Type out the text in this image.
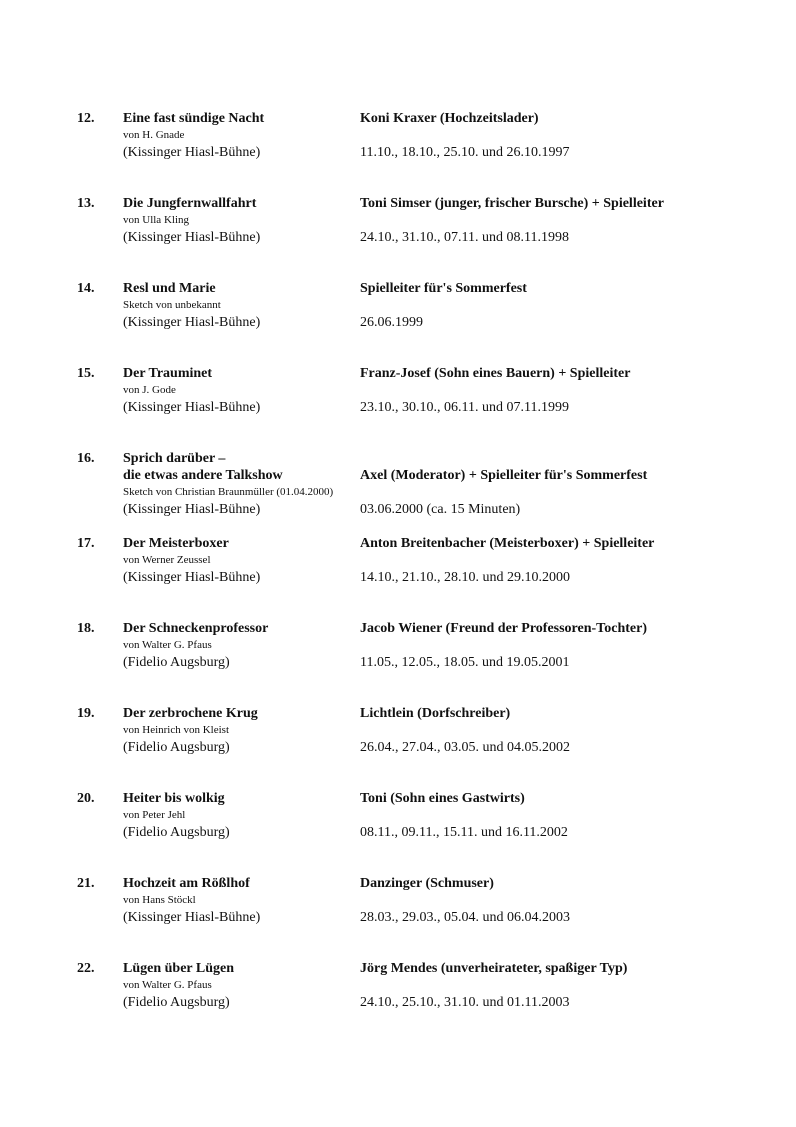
12. Eine fast sündige Nacht
von H. Gnade
(Kissinger Hiasl-Bühne)
Koni Kraxer (Hochzeitslader)
11.10., 18.10., 25.10. und 26.10.1997
13. Die Jungfernwallfahrt
von Ulla Kling
(Kissinger Hiasl-Bühne)
Toni Simser (junger, frischer Bursche) + Spielleiter
24.10., 31.10., 07.11. und 08.11.1998
14. Resl und Marie
Sketch von unbekannt
(Kissinger Hiasl-Bühne)
Spielleiter für's Sommerfest
26.06.1999
15. Der Trauminet
von J. Gode
(Kissinger Hiasl-Bühne)
Franz-Josef (Sohn eines Bauern) + Spielleiter
23.10., 30.10., 06.11. und 07.11.1999
16. Sprich darüber –
die etwas andere Talkshow
Sketch von Christian Braunmüller (01.04.2000)
(Kissinger Hiasl-Bühne)
Axel (Moderator) + Spielleiter für's Sommerfest
03.06.2000 (ca. 15 Minuten)
17. Der Meisterboxer
von Werner Zeussel
(Kissinger Hiasl-Bühne)
Anton Breitenbacher (Meisterboxer) + Spielleiter
14.10., 21.10., 28.10. und 29.10.2000
18. Der Schneckenprofessor
von Walter G. Pfaus
(Fidelio Augsburg)
Jacob Wiener (Freund der Professoren-Tochter)
11.05., 12.05., 18.05. und 19.05.2001
19. Der zerbrochene Krug
von Heinrich von Kleist
(Fidelio Augsburg)
Lichtlein (Dorfschreiber)
26.04., 27.04., 03.05. und 04.05.2002
20. Heiter bis wolkig
von Peter Jehl
(Fidelio Augsburg)
Toni (Sohn eines Gastwirts)
08.11., 09.11., 15.11. und 16.11.2002
21. Hochzeit am Rößlhof
von Hans Stöckl
(Kissinger Hiasl-Bühne)
Danzinger (Schmuser)
28.03., 29.03., 05.04. und 06.04.2003
22. Lügen über Lügen
von Walter G. Pfaus
(Fidelio Augsburg)
Jörg Mendes (unverheirateter, spaßiger Typ)
24.10., 25.10., 31.10. und 01.11.2003
